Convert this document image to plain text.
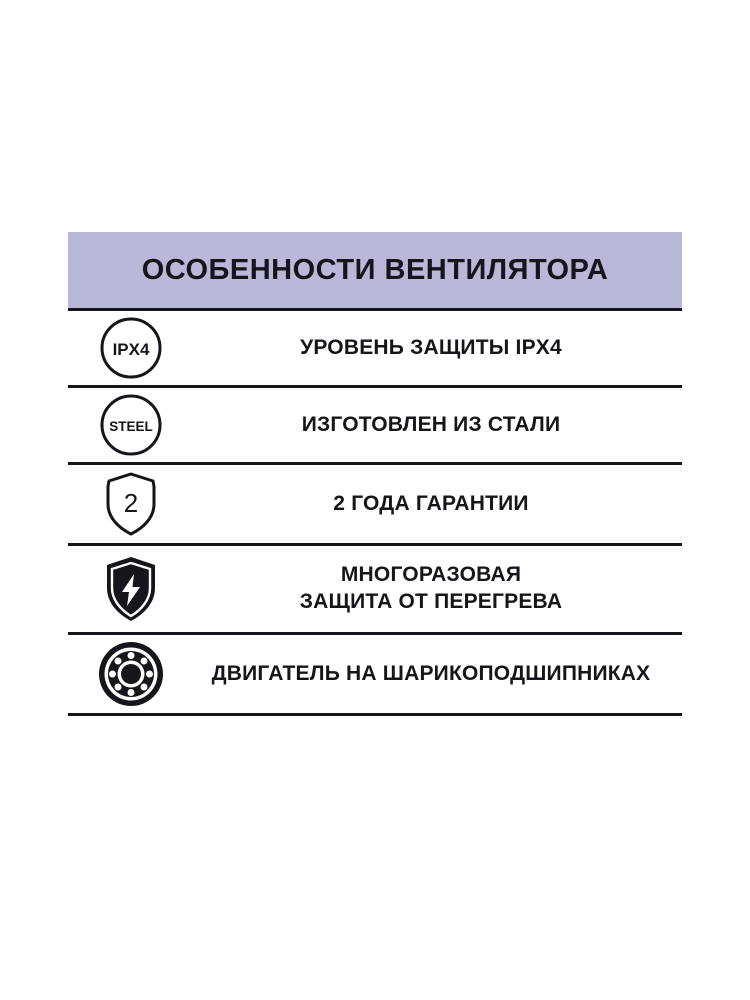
ОСОБЕННОСТИ ВЕНТИЛЯТОРА
IPX4	УРОВЕНЬ ЗАЩИТЫ IPX4
STEEL	ИЗГОТОВЛЕН ИЗ СТАЛИ
2	2 ГОДА ГАРАНТИИ
МНОГОРАЗОВАЯ
ЗАЩИТА ОТ ПЕРЕГРЕВА
ДВИГАТЕЛЬ НА ШАРИКОПОДШИПНИКАХ
